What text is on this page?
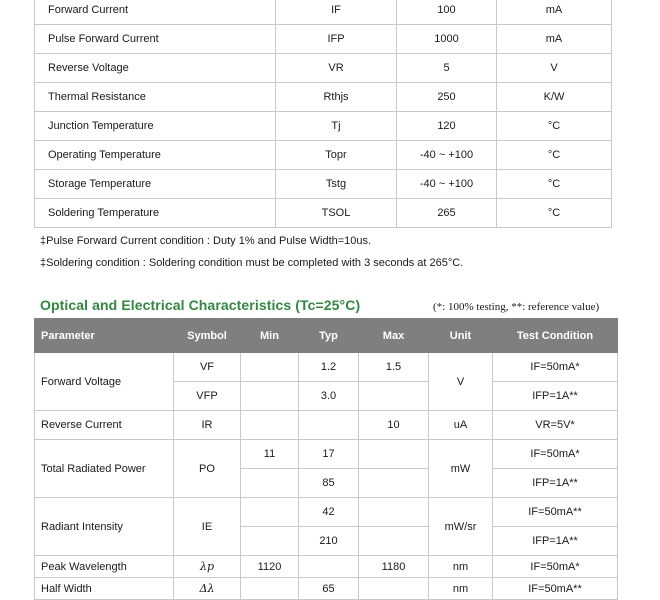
Forward Current	IF	100	mA
Pulse Forward Current	IFP	1000	mA
Reverse Voltage	VR	5	V
Thermal Resistance	Rthjs	250	K/W
Junction Temperature	Tj	120	°C
Operating Temperature	Topr	-40 ~ +100	°C
Storage Temperature	Tstg	-40 ~ +100	°C
Soldering Temperature	TSOL	265	°C
‡Pulse Forward Current condition : Duty 1% and Pulse Width=10us.
‡Soldering condition : Soldering condition must be completed with 3 seconds at 265°C.
Optical and Electrical Characteristics (Tc=25°C)	(*: 100% testing, **: reference value)
Parameter	Symbol	Min	Typ	Max	Unit	Test Condition
Forward Voltage	VF		1.2	1.5	V	IF=50mA*
	VFP		3.0			IFP=1A**
Reverse Current	IR			10	uA	VR=5V*
Total Radiated Power	PO	11	17		mW	IF=50mA*
			85			IFP=1A**
Radiant Intensity	IE		42		mW/sr	IF=50mA**
			210			IFP=1A**
Peak Wavelength	λp	1120		1180	nm	IF=50mA*
Half Width	Δλ		65		nm	IF=50mA**
